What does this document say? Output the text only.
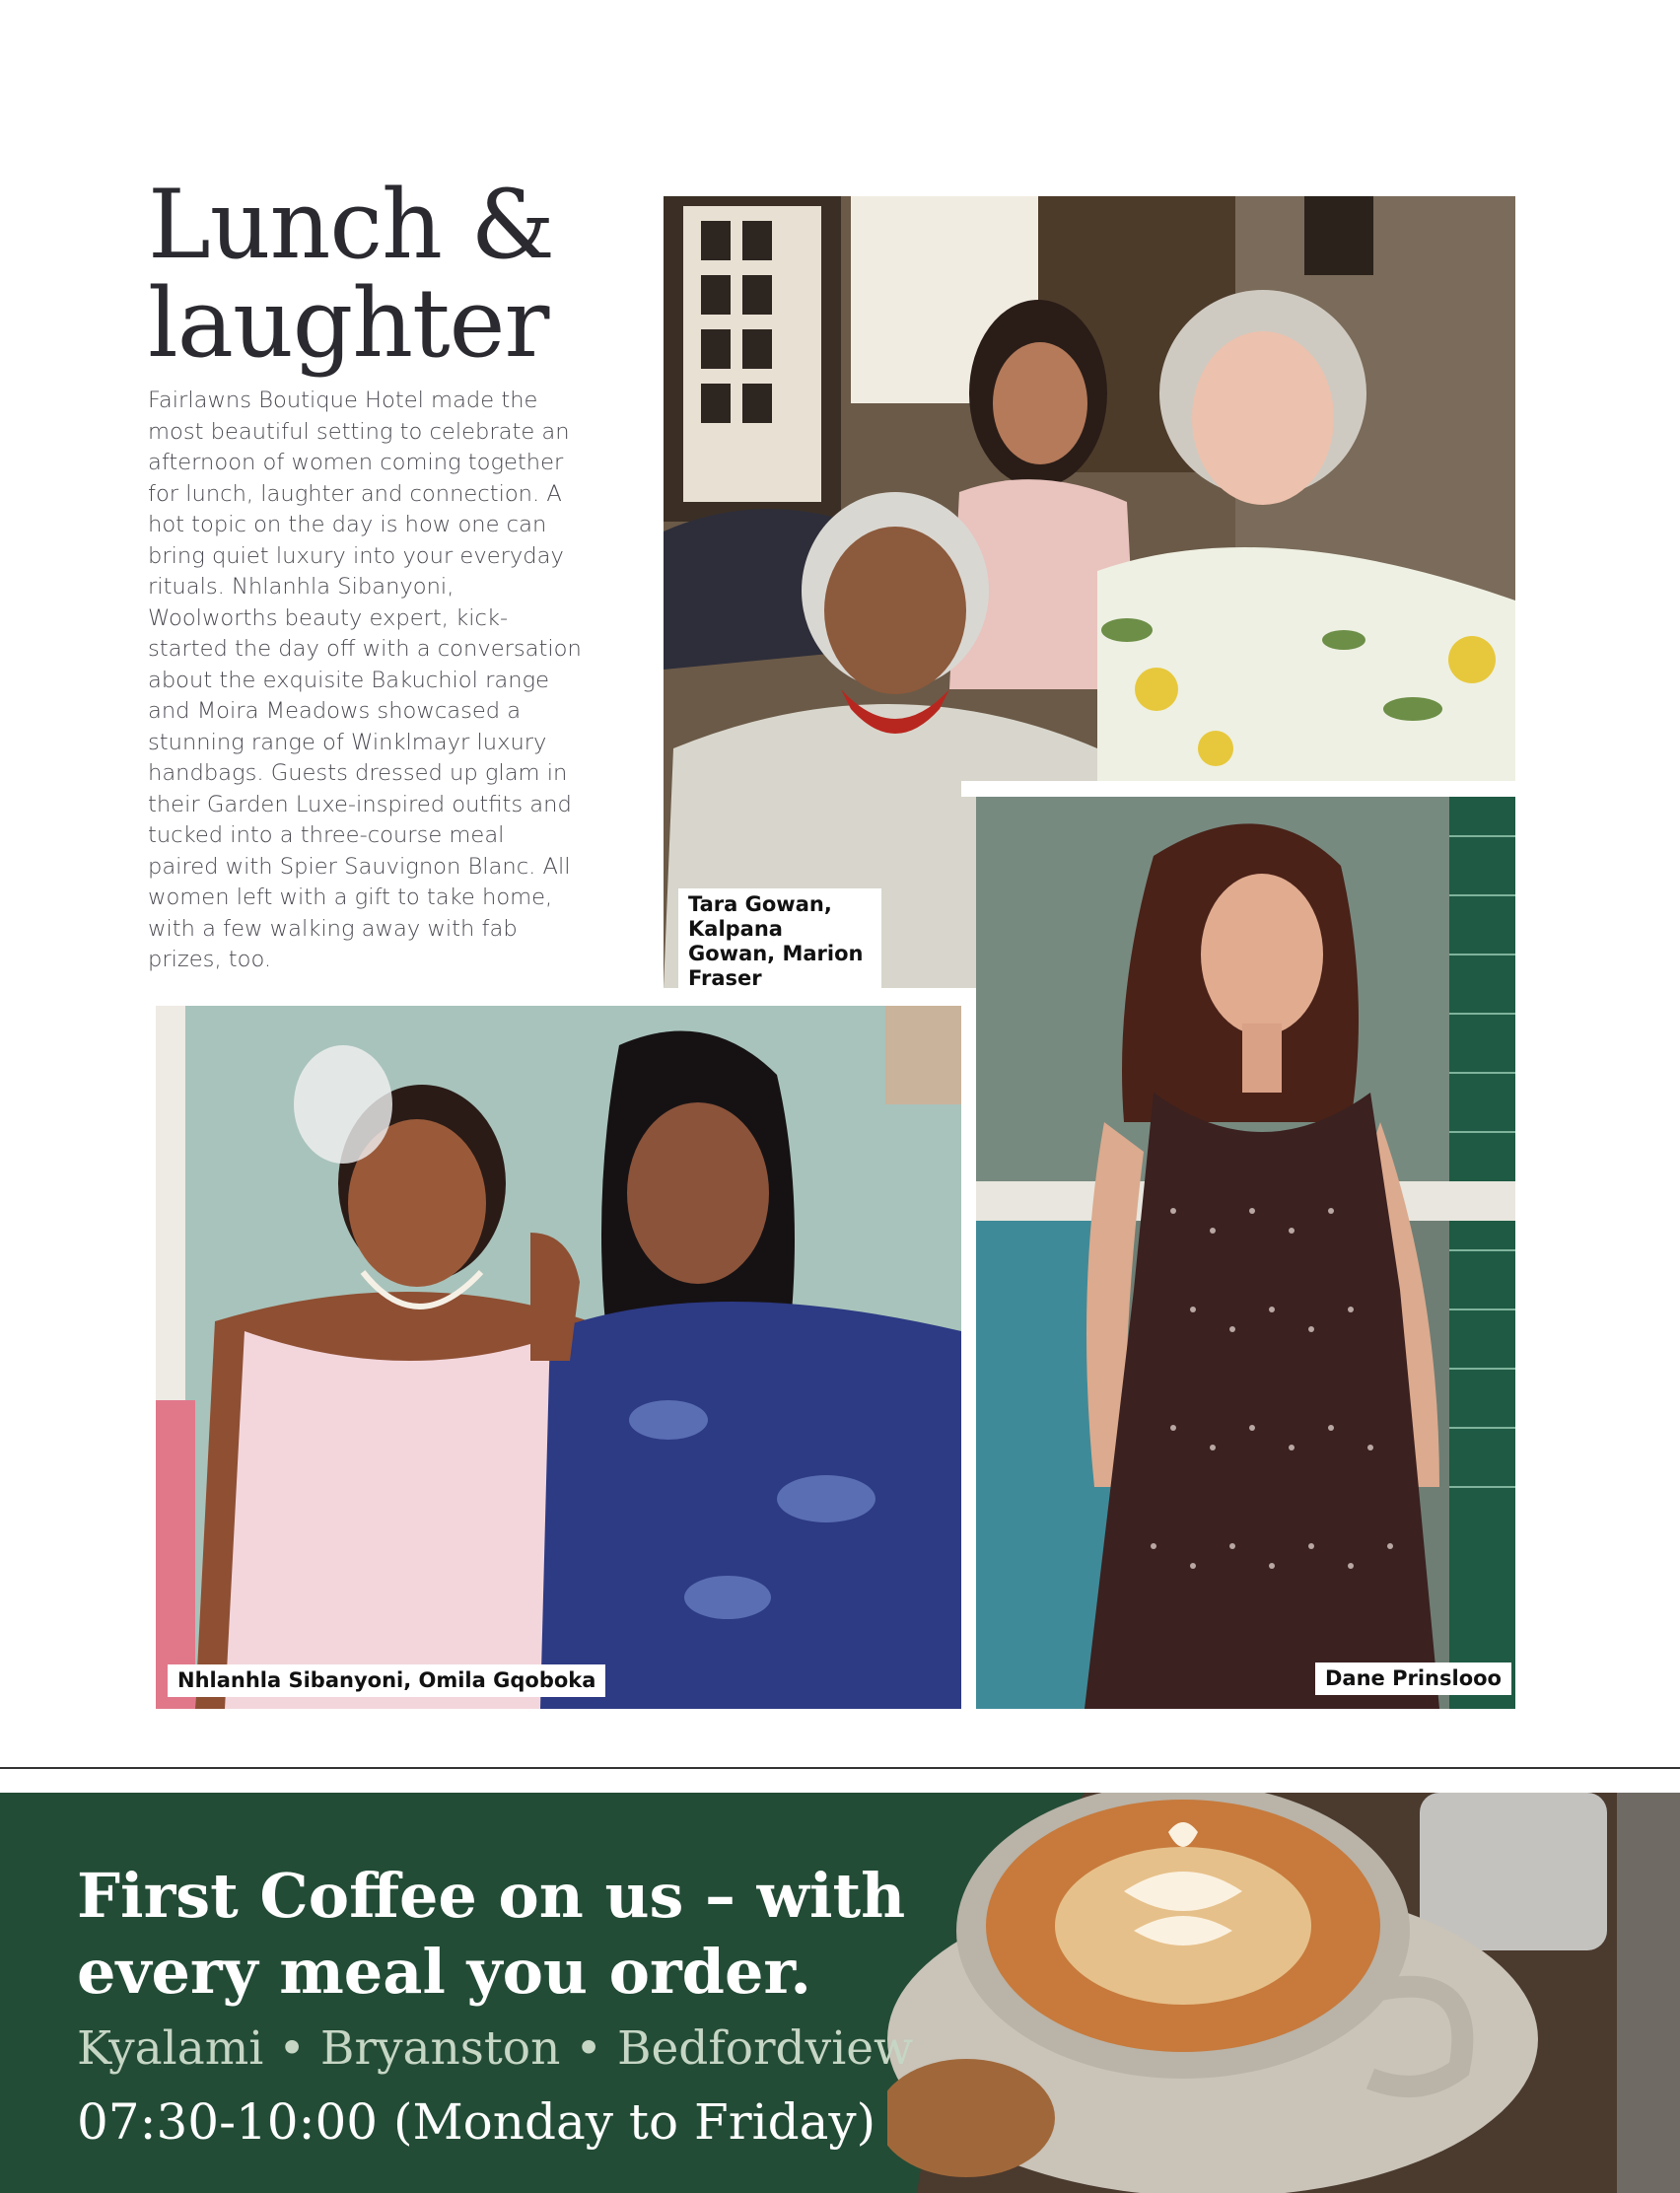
Lunch &
laughter

Fairlawns Boutique Hotel made the most beautiful setting to celebrate an afternoon of women coming together for lunch, laughter and connection. A hot topic on the day is how one can bring quiet luxury into your everyday rituals. Nhlanhla Sibanyoni, Woolworths beauty expert, kick-started the day off with a conversation about the exquisite Bakuchiol range and Moira Meadows showcased a stunning range of Winklmayr luxury handbags. Guests dressed up glam in their Garden Luxe-inspired outfits and tucked into a three-course meal paired with Spier Sauvignon Blanc. All women left with a gift to take home, with a few walking away with fab prizes, too.

Tara Gowan, Kalpana Gowan, Marion Fraser
Nhlanhla Sibanyoni, Omila Gqoboka	Dane Prinslooo
First Coffee on us – with
every meal you order.
Kyalami • Bryanston • Bedfordview
07:30-10:00 (Monday to Friday)
